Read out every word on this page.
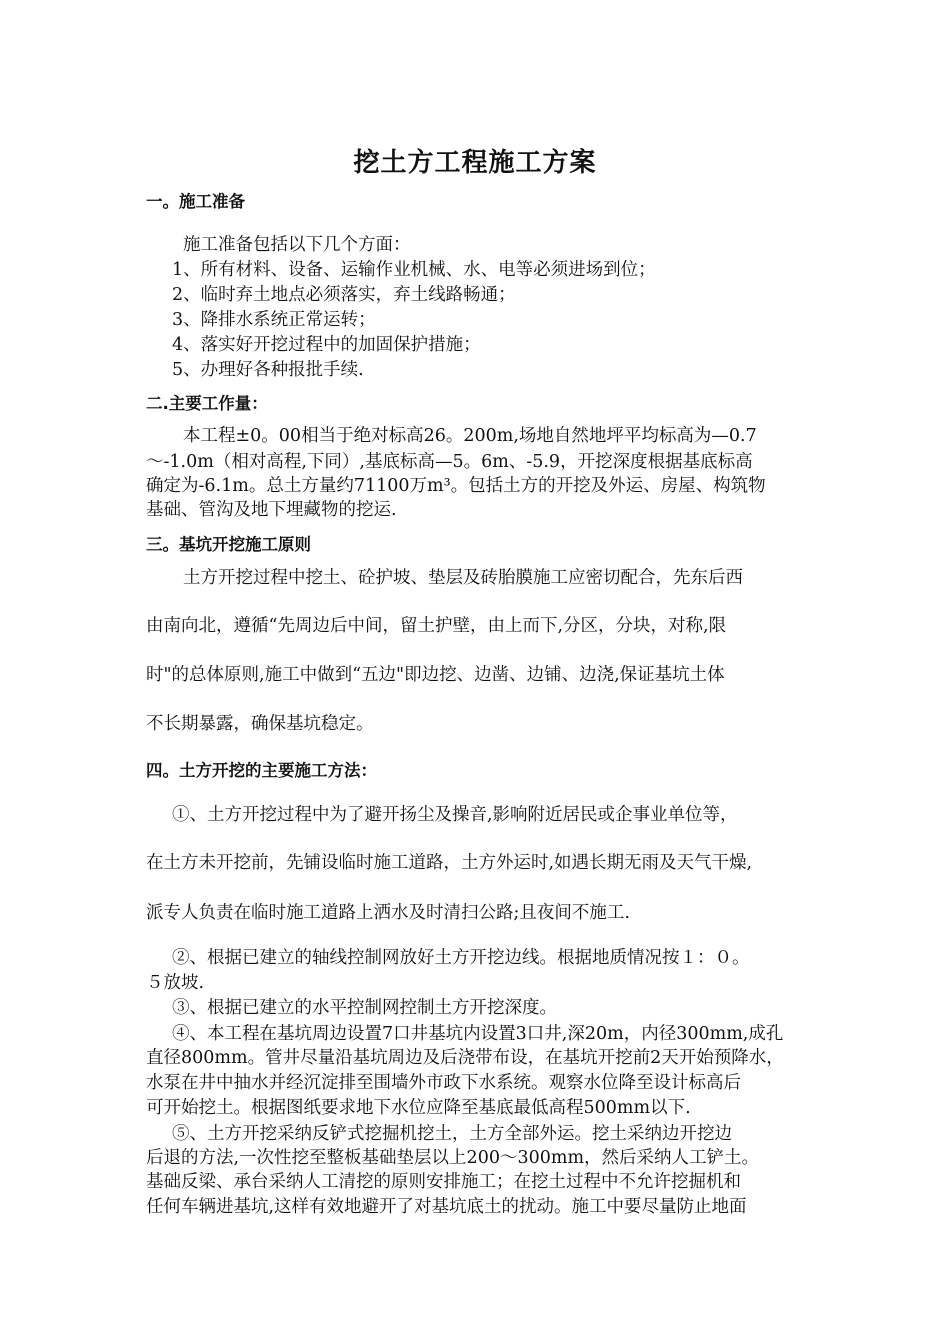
挖土方工程施工方案
一。施工准备
施工准备包括以下几个方面：
1、所有材料、设备、运输作业机械、水、电等必须进场到位；
2、临时弃土地点必须落实，弃土线路畅通；
3、降排水系统正常运转；
4、落实好开挖过程中的加固保护措施；
5、办理好各种报批手续.
二.主要工作量：
本工程±0。00相当于绝对标高26。200m,场地自然地坪平均标高为—0.7
～-1.0m（相对高程,下同）,基底标高—5。6m、-5.9，开挖深度根据基底标高
确定为-6.1m。总土方量约71100万m³。包括土方的开挖及外运、房屋、构筑物
基础、管沟及地下埋藏物的挖运.
三。基坑开挖施工原则
土方开挖过程中挖土、砼护坡、垫层及砖胎膜施工应密切配合，先东后西
由南向北，遵循“先周边后中间，留土护壁，由上而下,分区，分块，对称,限
时"的总体原则,施工中做到“五边"即边挖、边凿、边铺、边浇,保证基坑土体
不长期暴露，确保基坑稳定。
四。土方开挖的主要施工方法：
①、土方开挖过程中为了避开扬尘及操音,影响附近居民或企事业单位等，
在土方未开挖前，先铺设临时施工道路，土方外运时,如遇长期无雨及天气干燥,
派专人负责在临时施工道路上洒水及时清扫公路;且夜间不施工.
②、根据已建立的轴线控制网放好土方开挖边线。根据地质情况按１：０。
５放坡.
③、根据已建立的水平控制网控制土方开挖深度。
④、本工程在基坑周边设置7口井基坑内设置3口井,深20m，内径300mm,成孔
直径800mm。管井尽量沿基坑周边及后浇带布设，在基坑开挖前2天开始预降水，
水泵在井中抽水并经沉淀排至围墙外市政下水系统。观察水位降至设计标高后
可开始挖土。根据图纸要求地下水位应降至基底最低高程500mm以下.
⑤、土方开挖采纳反铲式挖掘机挖土，土方全部外运。挖土采纳边开挖边
后退的方法,一次性挖至整板基础垫层以上200～300mm，然后采纳人工铲土。
基础反梁、承台采纳人工清挖的原则安排施工；在挖土过程中不允许挖掘机和
任何车辆进基坑,这样有效地避开了对基坑底土的扰动。施工中要尽量防止地面
